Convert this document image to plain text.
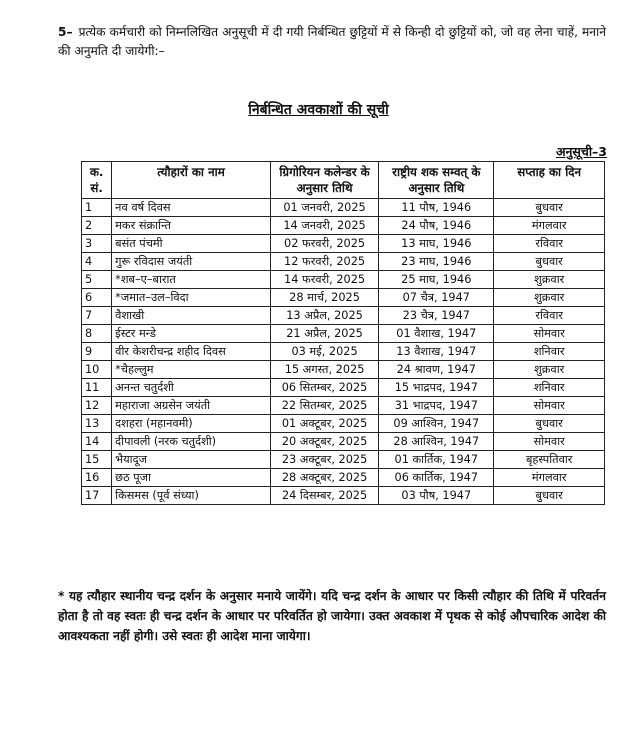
5– प्रत्येक कर्मचारी को निम्नलिखित अनुसूची में दी गयी निर्बन्धित छुट्टियों में से किन्ही दो छुट्टियों को, जो वह लेना चाहें, मनाने की अनुमति दी जायेगी:–
निर्बन्धित अवकाशों की सूची
अनुसूची–3
क. सं.	त्यौहारों का नाम	ग्रिगोरियन कलेन्डर के अनुसार तिथि	राष्ट्रीय शक सम्वत् के अनुसार तिथि	सप्ताह का दिन
1	नव वर्ष दिवस	01 जनवरी, 2025	11 पौष, 1946	बुधवार
2	मकर संक्रान्ति	14 जनवरी, 2025	24 पौष, 1946	मंगलवार
3	बसंत पंचमी	02 फरवरी, 2025	13 माघ, 1946	रविवार
4	गुरू रविदास जयंती	12 फरवरी, 2025	23 माघ, 1946	बुधवार
5	*शब–ए–बारात	14 फरवरी, 2025	25 माघ, 1946	शुक्रवार
6	*जमात–उल–विदा	28 मार्च, 2025	07 चैत्र, 1947	शुक्रवार
7	वैशाखी	13 अप्रैल, 2025	23 चैत्र, 1947	रविवार
8	ईस्टर मन्डे	21 अप्रैल, 2025	01 वैशाख, 1947	सोमवार
9	वीर केशरीचन्द्र शहीद दिवस	03 मई, 2025	13 वैशाख, 1947	शनिवार
10	*चैहल्लुम	15 अगस्त, 2025	24 श्रावण, 1947	शुक्रवार
11	अनन्त चतुर्दशी	06 सितम्बर, 2025	15 भाद्रपद, 1947	शनिवार
12	महाराजा अग्रसेन जयंती	22 सितम्बर, 2025	31 भाद्रपद, 1947	सोमवार
13	दशहरा (महानवमी)	01 अक्टूबर, 2025	09 आश्विन, 1947	बुधवार
14	दीपावली (नरक चतुर्दशी)	20 अक्टूबर, 2025	28 आश्विन, 1947	सोमवार
15	भैयादूज	23 अक्टूबर, 2025	01 कार्तिक, 1947	बृहस्पतिवार
16	छठ पूजा	28 अक्टूबर, 2025	06 कार्तिक, 1947	मंगलवार
17	किसमस (पूर्व संध्या)	24 दिसम्बर, 2025	03 पौष, 1947	बुधवार
* यह त्यौहार स्थानीय चन्द्र दर्शन के अनुसार मनाये जायेंगे। यदि चन्द्र दर्शन के आधार पर किसी त्यौहार की तिथि में परिवर्तन होता है तो वह स्वतः ही चन्द्र दर्शन के आधार पर परिवर्तित हो जायेगा। उक्त अवकाश में पृथक से कोई औपचारिक आदेश की आवश्यकता नहीं होगी। उसे स्वतः ही आदेश माना जायेगा।
